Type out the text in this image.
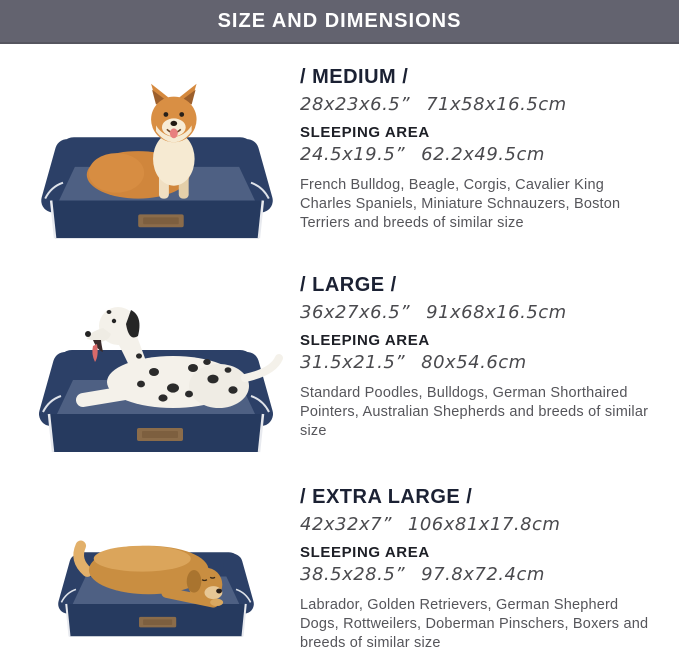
SIZE AND DIMENSIONS
/ MEDIUM /
28x23x6.5” 71x58x16.5cm
SLEEPING AREA
24.5x19.5” 62.2x49.5cm
French Bulldog, Beagle, Corgis, Cavalier King Charles Spaniels, Miniature Schnauzers, Boston Terriers and breeds of similar size
/ LARGE /
36x27x6.5” 91x68x16.5cm
SLEEPING AREA
31.5x21.5” 80x54.6cm
Standard Poodles, Bulldogs, German Shorthaired Pointers, Australian Shepherds and breeds of similar size
/ EXTRA LARGE /
42x32x7” 106x81x17.8cm
SLEEPING AREA
38.5x28.5” 97.8x72.4cm
Labrador, Golden Retrievers, German Shepherd Dogs, Rottweilers, Doberman Pinschers, Boxers and breeds of similar size
